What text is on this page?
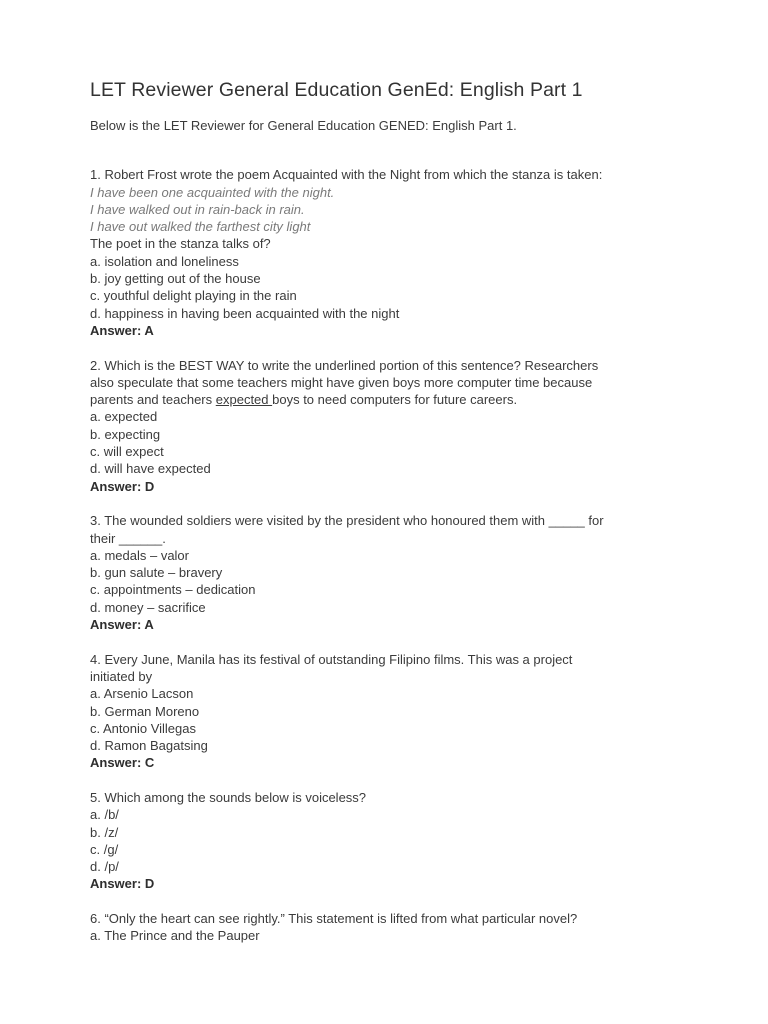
LET Reviewer General Education GenEd: English Part 1
Below is the LET Reviewer for General Education GENED: English Part 1.
1. Robert Frost wrote the poem Acquainted with the Night from which the stanza is taken:
I have been one acquainted with the night.
I have walked out in rain-back in rain.
I have out walked the farthest city light
The poet in the stanza talks of?
a. isolation and loneliness
b. joy getting out of the house
c. youthful delight playing in the rain
d. happiness in having been acquainted with the night
Answer: A
2. Which is the BEST WAY to write the underlined portion of this sentence? Researchers
also speculate that some teachers might have given boys more computer time because
parents and teachers expected boys to need computers for future careers.
a. expected
b. expecting
c. will expect
d. will have expected
Answer: D
3. The wounded soldiers were visited by the president who honoured them with _____ for
their ______.
a. medals – valor
b. gun salute – bravery
c. appointments – dedication
d. money – sacrifice
Answer: A
4. Every June, Manila has its festival of outstanding Filipino films. This was a project
initiated by
a. Arsenio Lacson
b. German Moreno
c. Antonio Villegas
d. Ramon Bagatsing
Answer: C
5. Which among the sounds below is voiceless?
a. /b/
b. /z/
c. /g/
d. /p/
Answer: D
6. “Only the heart can see rightly.” This statement is lifted from what particular novel?
a. The Prince and the Pauper
